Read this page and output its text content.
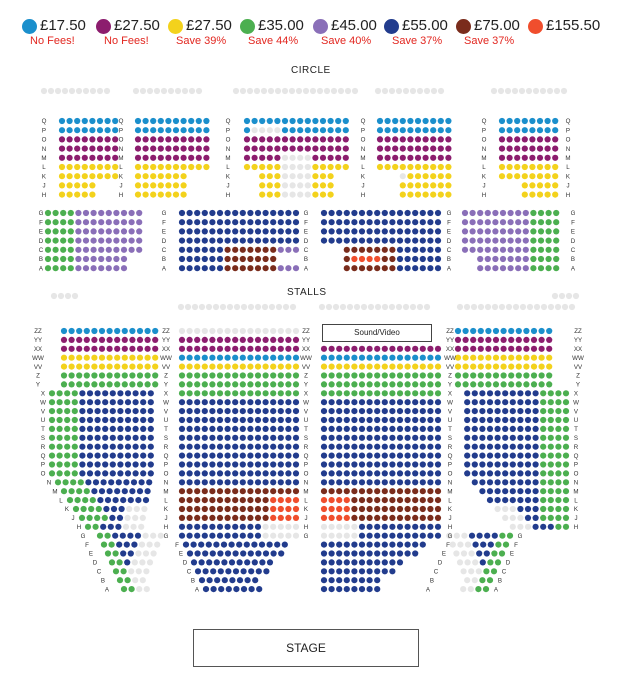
£17.50
No Fees!
£27.50
No Fees!
£27.50
Save 39%
£35.00
Save 44%
£45.00
Save 40%
£55.00
Save 37%
£75.00
Save 37%
£155.50
CIRCLE
STALLS
Q
P
O
N
M
L
K
J
H
Q
P
O
N
M
L
K
J
H
Q
P
O
N
M
L
K
J
H
Q
P
O
N
M
L
K
J
H
Q
P
O
N
M
L
K
J
H
Q
P
O
N
M
L
K
J
H
G
F
E
D
C
B
A
G
F
E
D
C
B
A
G
F
E
D
C
B
A
G
F
E
D
C
B
A
G
F
E
D
C
B
A
ZZ	ZZ
ZZ	ZZ	ZZ
YY	YY
YY	YY	YY
XX	XX
XX	XX	XX
WW	WW
WW	WW	WW
VV	VV
VV	VV	VV
Z	Z
Z	Z	Z
Y	Y
Y	Y	Y
X	X
X	X	X
W	W
W	W	W
V	V
V	V	V
U	U
U	U	U
T	T
T	T	T
S	S
S	S	S
R	R
R	R	R
Q	Q
Q	Q	Q
P	P
P	P	P
O	O
O	O	O
N	N
N	N	N
M	M
M	M	M
L	L
L	L	L
K	K
K	K	K
J	J
J	J	J
H	H
H	H	H
G	G
G	G	G
F	F
F	F
E	E
E	E
D	D
D	D
C	C
C	C
B	B
B	B
A	A
A	A
Sound/Video
STAGE
